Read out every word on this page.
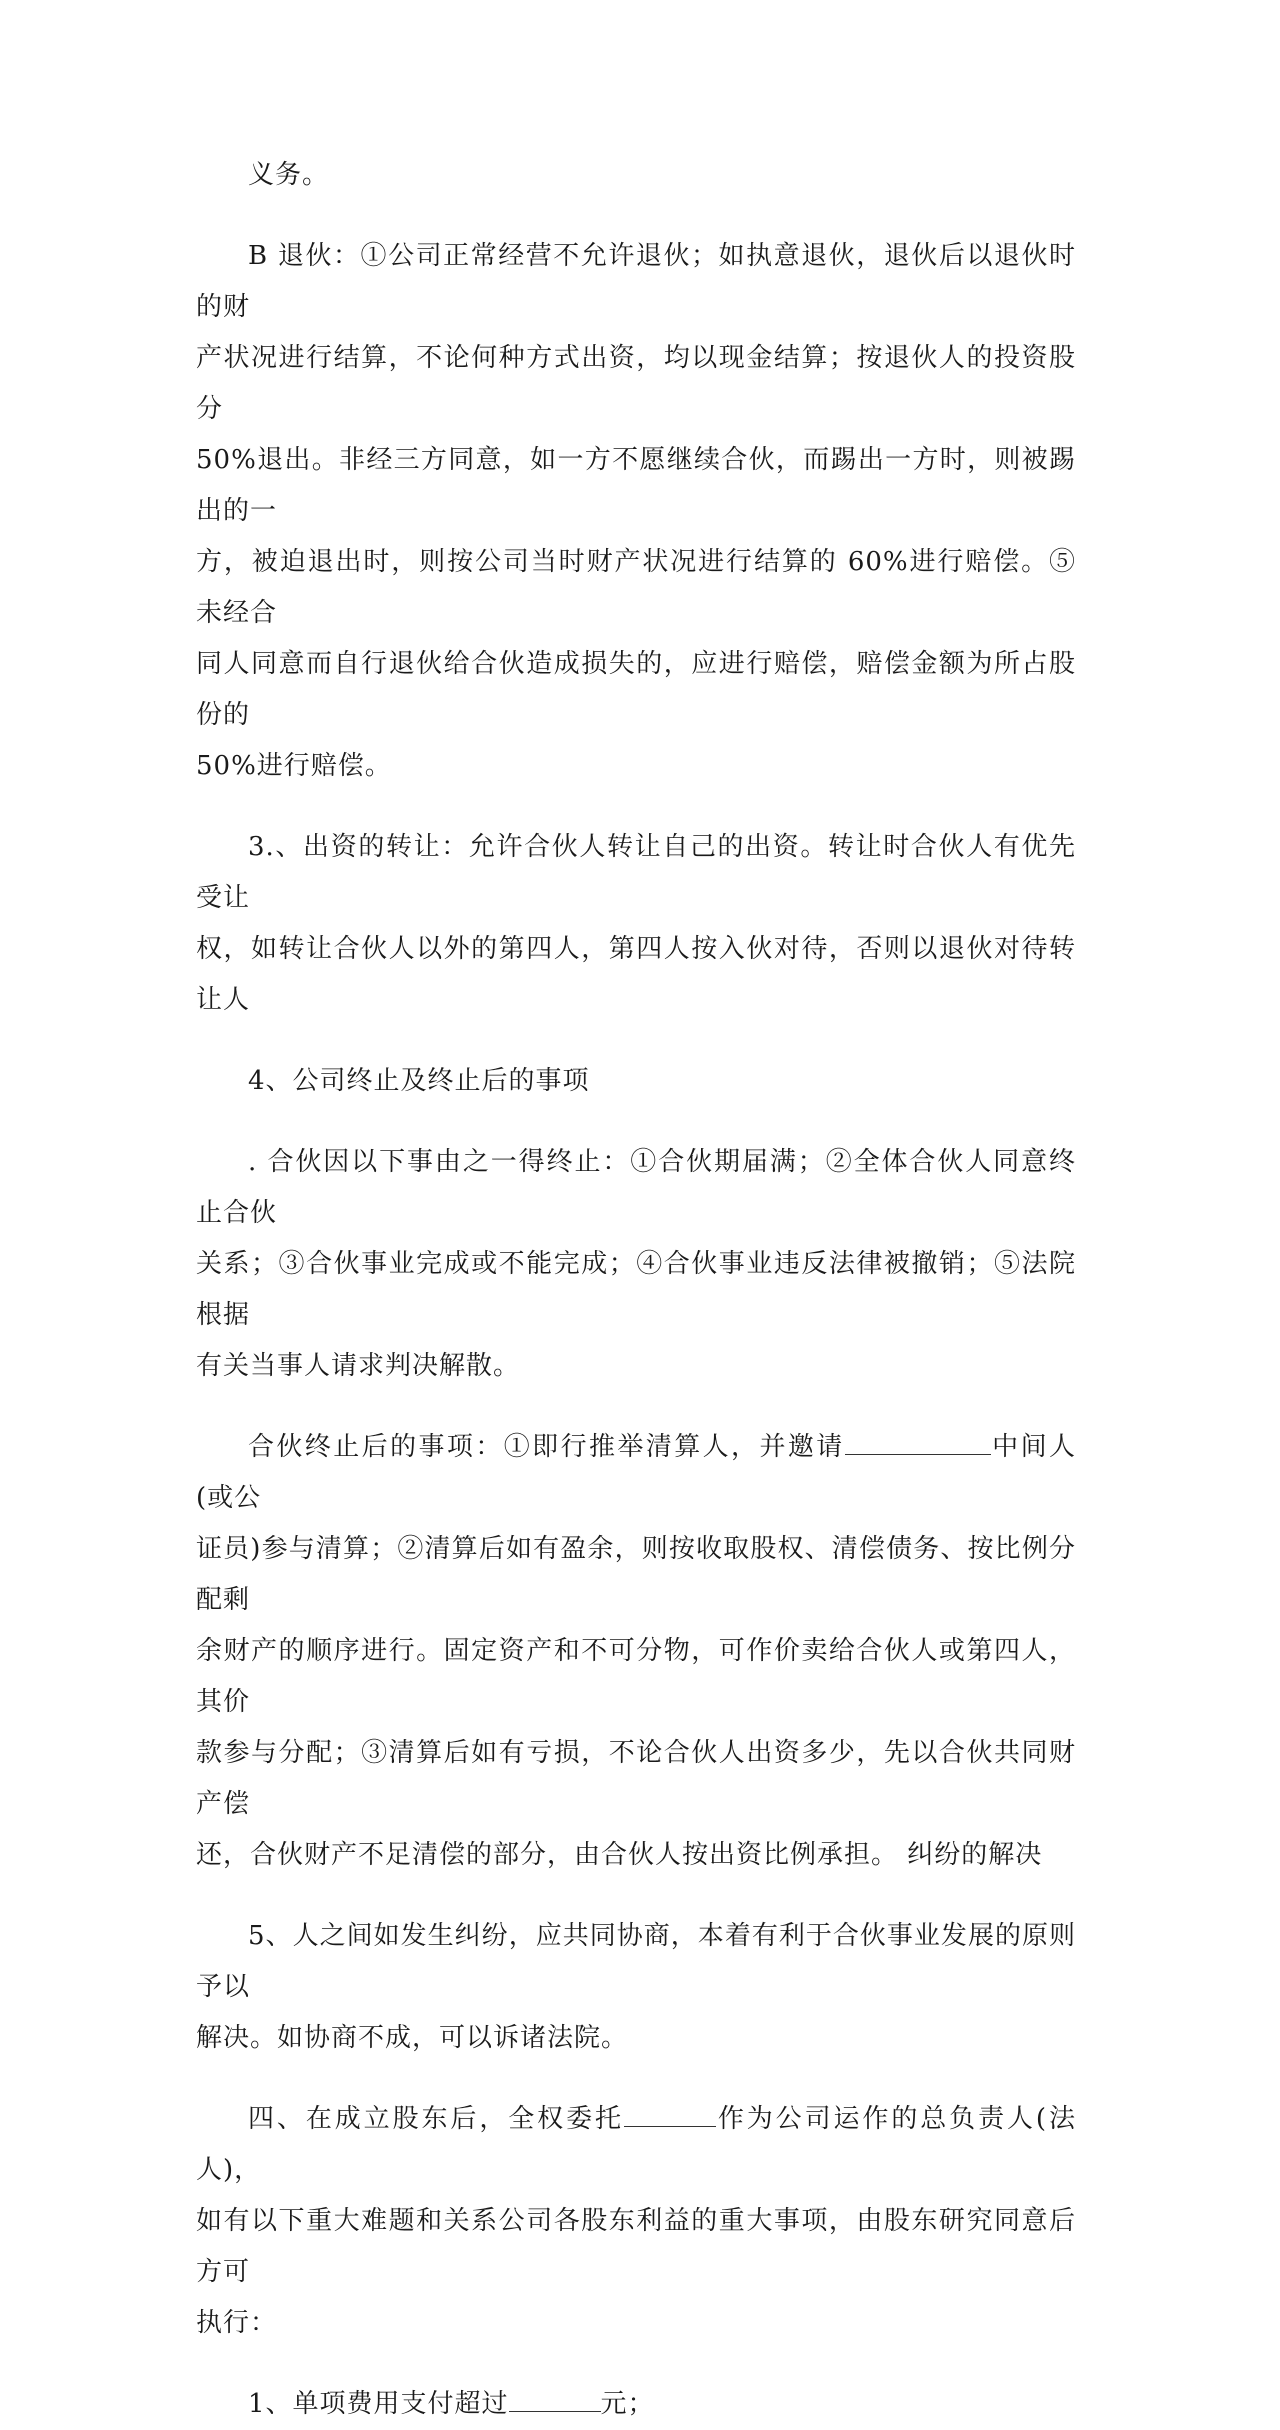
义务。

B 退伙：①公司正常经营不允许退伙；如执意退伙，退伙后以退伙时的财
产状况进行结算，不论何种方式出资，均以现金结算；按退伙人的投资股分
50%退出。非经三方同意，如一方不愿继续合伙，而踢出一方时，则被踢出的一
方，被迫退出时，则按公司当时财产状况进行结算的 60%进行赔偿。⑤未经合
同人同意而自行退伙给合伙造成损失的，应进行赔偿，赔偿金额为所占股份的
50%进行赔偿。

3.、出资的转让：允许合伙人转让自己的出资。转让时合伙人有优先受让
权，如转让合伙人以外的第四人，第四人按入伙对待，否则以退伙对待转让人

4、公司终止及终止后的事项

. 合伙因以下事由之一得终止：①合伙期届满；②全体合伙人同意终止合伙
关系；③合伙事业完成或不能完成；④合伙事业违反法律被撤销；⑤法院根据
有关当事人请求判决解散。

合伙终止后的事项：①即行推举清算人，并邀请	中间人(或公
证员)参与清算；②清算后如有盈余，则按收取股权、清偿债务、按比例分配剩
余财产的顺序进行。固定资产和不可分物，可作价卖给合伙人或第四人，其价
款参与分配；③清算后如有亏损，不论合伙人出资多少，先以合伙共同财产偿
还，合伙财产不足清偿的部分，由合伙人按出资比例承担。 纠纷的解决

5、人之间如发生纠纷，应共同协商，本着有利于合伙事业发展的原则予以
解决。如协商不成，可以诉诸法院。

四、在成立股东后，全权委托	作为公司运作的总负责人(法人)，
如有以下重大难题和关系公司各股东利益的重大事项，由股东研究同意后方可
执行：

1、单项费用支付超过	元；
